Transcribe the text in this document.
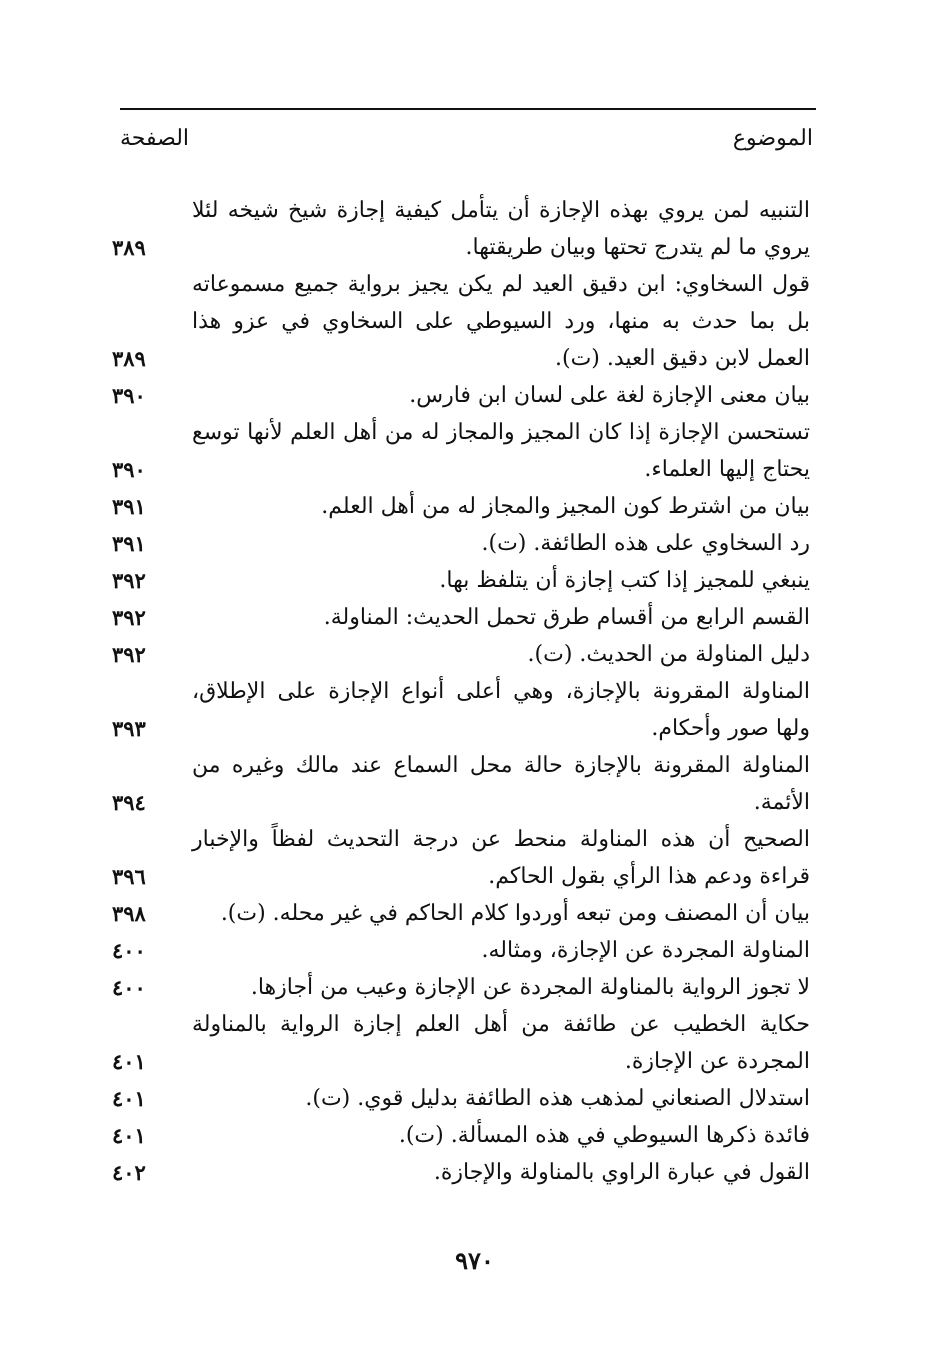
الموضوع
الصفحة
التنبيه لمن يروي بهذه الإجازة أن يتأمل كيفية إجازة شيخ شيخه لئلا يروي ما لم يتدرج تحتها وبيان طريقتها.
٣٨٩
قول السخاوي: ابن دقيق العيد لم يكن يجيز برواية جميع مسموعاته بل بما حدث به منها، ورد السيوطي على السخاوي في عزو هذا العمل لابن دقيق العيد. (ت).
٣٨٩
بيان معنى الإجازة لغة على لسان ابن فارس.
٣٩٠
تستحسن الإجازة إذا كان المجيز والمجاز له من أهل العلم لأنها توسع يحتاج إليها العلماء.
٣٩٠
بيان من اشترط كون المجيز والمجاز له من أهل العلم.
٣٩١
رد السخاوي على هذه الطائفة. (ت).
٣٩١
ينبغي للمجيز إذا كتب إجازة أن يتلفظ بها.
٣٩٢
القسم الرابع من أقسام طرق تحمل الحديث: المناولة.
٣٩٢
دليل المناولة من الحديث. (ت).
٣٩٢
المناولة المقرونة بالإجازة، وهي أعلى أنواع الإجازة على الإطلاق، ولها صور وأحكام.
٣٩٣
المناولة المقرونة بالإجازة حالة محل السماع عند مالك وغيره من الأئمة.
٣٩٤
الصحيح أن هذه المناولة منحط عن درجة التحديث لفظاً والإخبار قراءة ودعم هذا الرأي بقول الحاكم.
٣٩٦
بيان أن المصنف ومن تبعه أوردوا كلام الحاكم في غير محله. (ت).
٣٩٨
المناولة المجردة عن الإجازة، ومثاله.
٤٠٠
لا تجوز الرواية بالمناولة المجردة عن الإجازة وعيب من أجازها.
٤٠٠
حكاية الخطيب عن طائفة من أهل العلم إجازة الرواية بالمناولة المجردة عن الإجازة.
٤٠١
استدلال الصنعاني لمذهب هذه الطائفة بدليل قوي. (ت).
٤٠١
فائدة ذكرها السيوطي في هذه المسألة. (ت).
٤٠١
القول في عبارة الراوي بالمناولة والإجازة.
٤٠٢
٩٧٠
